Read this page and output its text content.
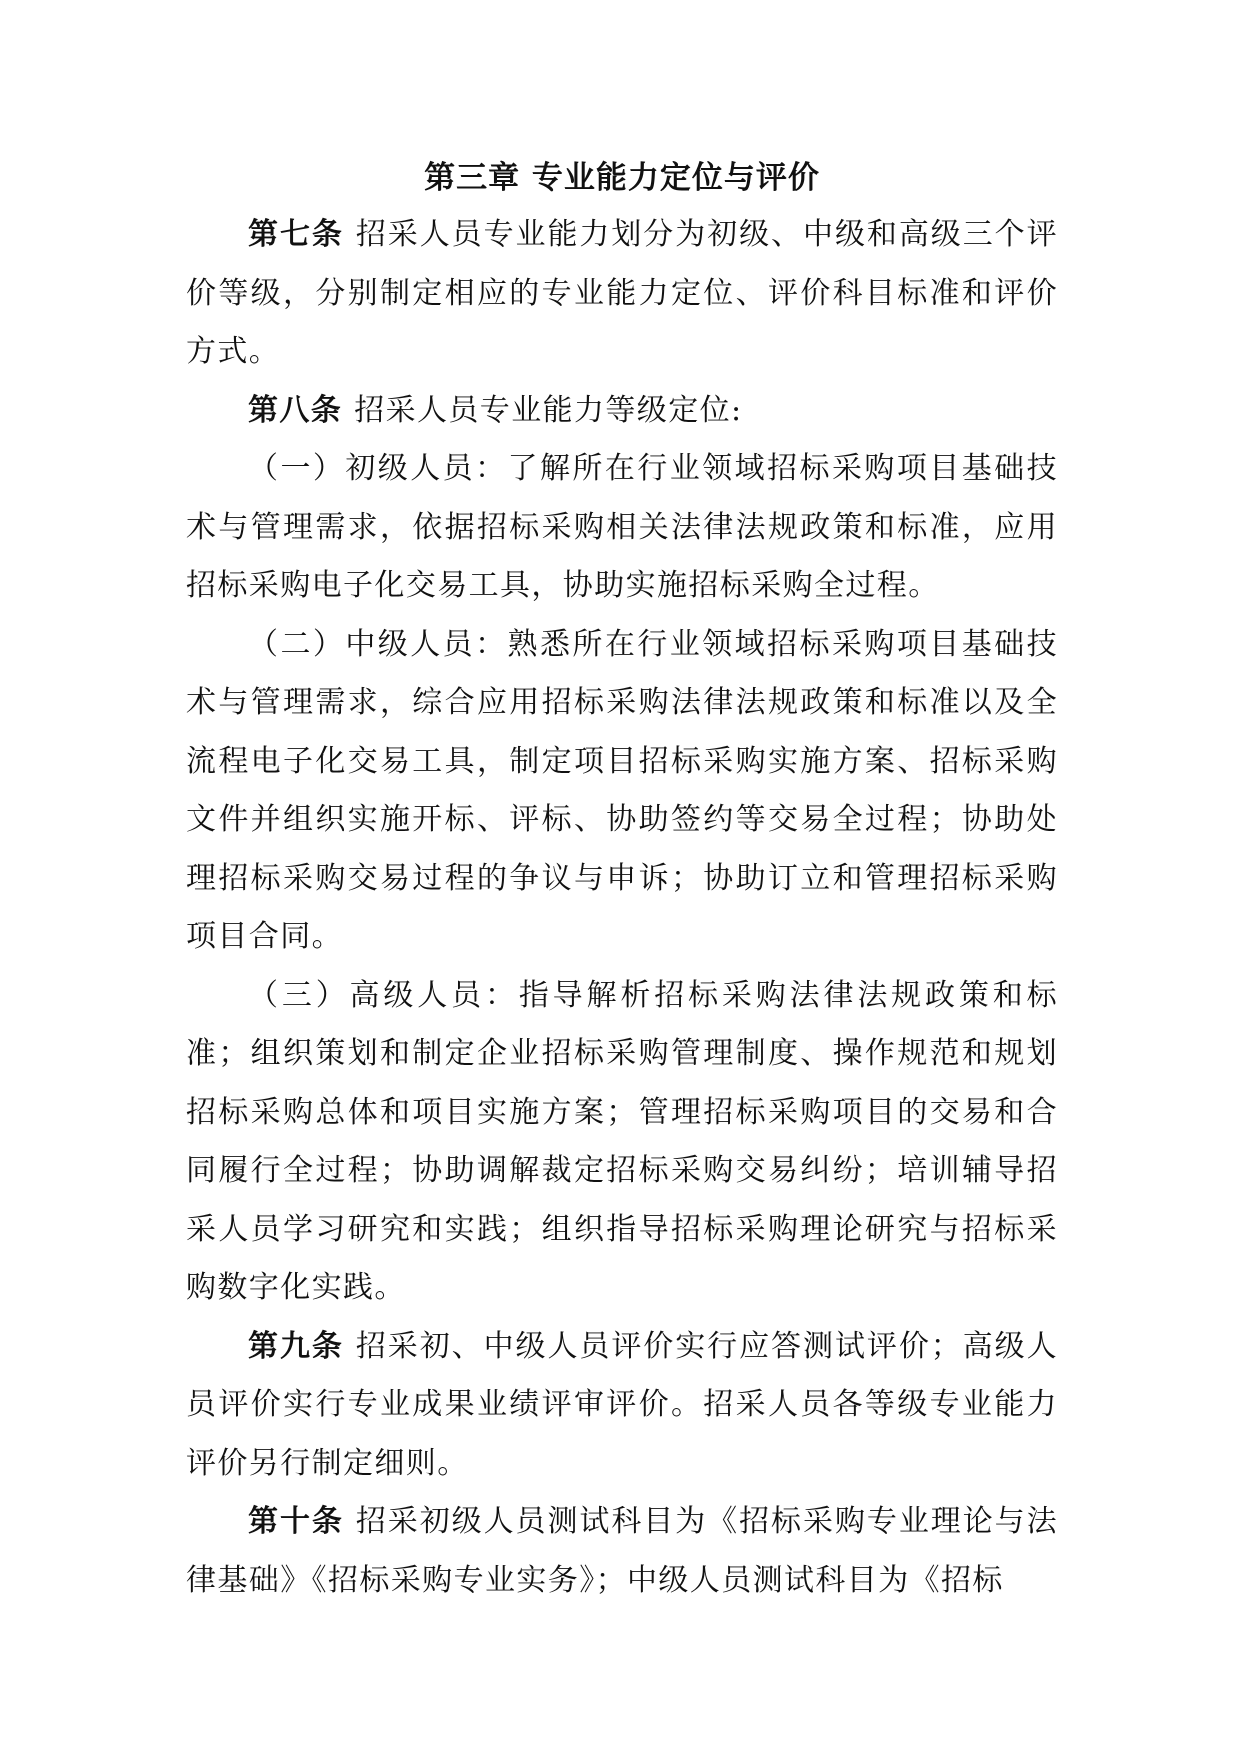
第三章 专业能力定位与评价

第七条 招采人员专业能力划分为初级、中级和高级三个评价等级，分别制定相应的专业能力定位、评价科目标准和评价方式。

第八条 招采人员专业能力等级定位:

（一）初级人员：了解所在行业领域招标采购项目基础技术与管理需求，依据招标采购相关法律法规政策和标准，应用招标采购电子化交易工具，协助实施招标采购全过程。

（二）中级人员：熟悉所在行业领域招标采购项目基础技术与管理需求，综合应用招标采购法律法规政策和标准以及全流程电子化交易工具，制定项目招标采购实施方案、招标采购文件并组织实施开标、评标、协助签约等交易全过程；协助处理招标采购交易过程的争议与申诉；协助订立和管理招标采购项目合同。

（三）高级人员：指导解析招标采购法律法规政策和标准；组织策划和制定企业招标采购管理制度、操作规范和规划招标采购总体和项目实施方案；管理招标采购项目的交易和合同履行全过程；协助调解裁定招标采购交易纠纷；培训辅导招采人员学习研究和实践；组织指导招标采购理论研究与招标采购数字化实践。

第九条 招采初、中级人员评价实行应答测试评价；高级人员评价实行专业成果业绩评审评价。招采人员各等级专业能力评价另行制定细则。

第十条 招采初级人员测试科目为《招标采购专业理论与法律基础》《招标采购专业实务》；中级人员测试科目为《招标
